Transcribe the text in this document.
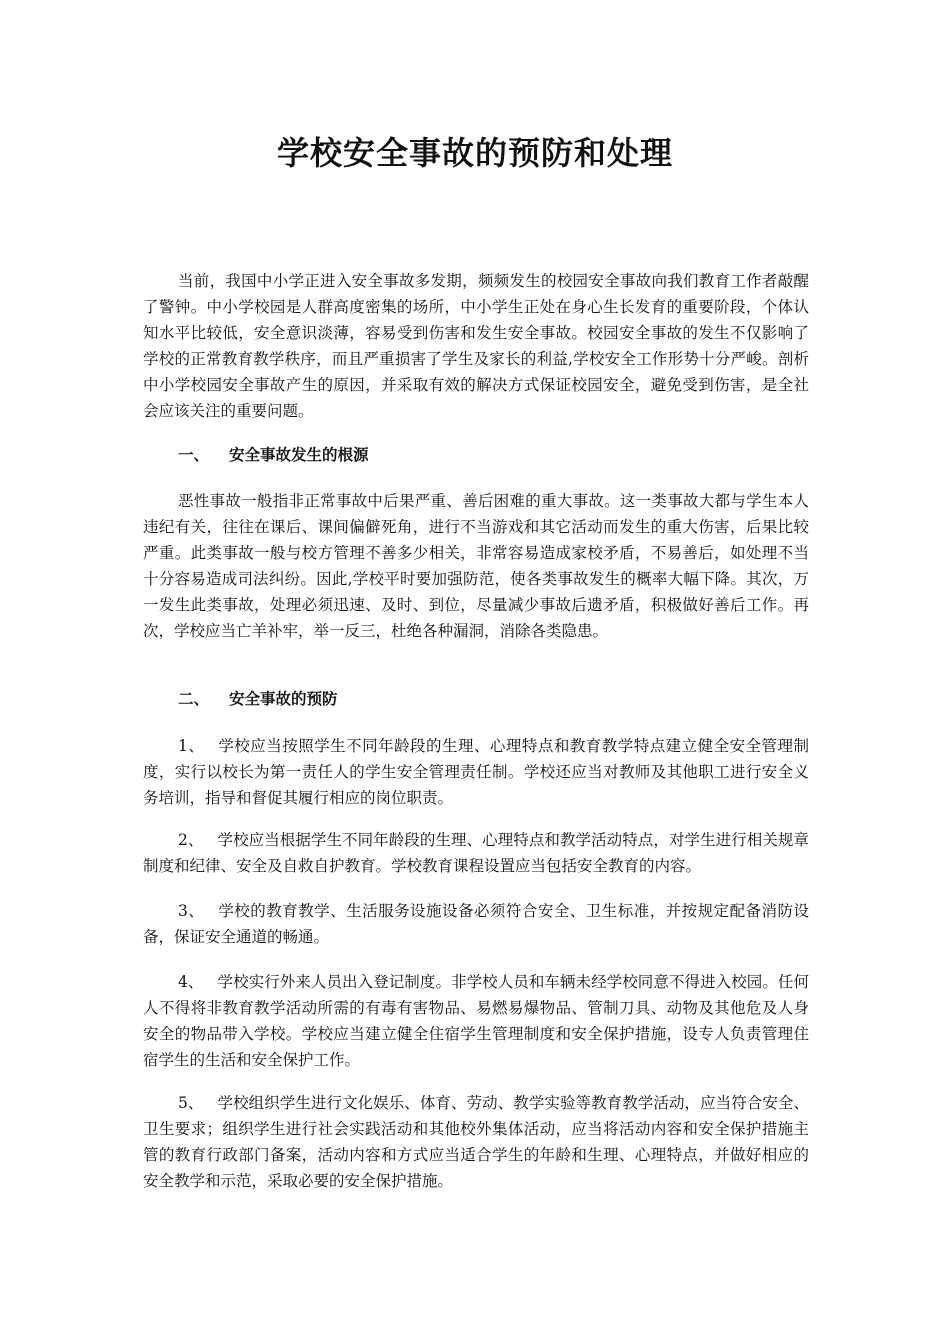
学校安全事故的预防和处理

当前，我国中小学正进入安全事故多发期，频频发生的校园安全事故向我们教育工作者敲醒了警钟。中小学校园是人群高度密集的场所，中小学生正处在身心生长发育的重要阶段，个体认知水平比较低，安全意识淡薄，容易受到伤害和发生安全事故。校园安全事故的发生不仅影响了学校的正常教育教学秩序，而且严重损害了学生及家长的利益,学校安全工作形势十分严峻。剖析中小学校园安全事故产生的原因，并采取有效的解决方式保证校园安全，避免受到伤害，是全社会应该关注的重要问题。

一、 安全事故发生的根源

恶性事故一般指非正常事故中后果严重、善后困难的重大事故。这一类事故大都与学生本人违纪有关，往往在课后、课间偏僻死角，进行不当游戏和其它活动而发生的重大伤害，后果比较严重。此类事故一般与校方管理不善多少相关，非常容易造成家校矛盾，不易善后，如处理不当十分容易造成司法纠纷。因此,学校平时要加强防范，使各类事故发生的概率大幅下降。其次，万一发生此类事故，处理必须迅速、及时、到位，尽量减少事故后遗矛盾，积极做好善后工作。再次，学校应当亡羊补牢，举一反三，杜绝各种漏洞，消除各类隐患。

二、 安全事故的预防

1、 学校应当按照学生不同年龄段的生理、心理特点和教育教学特点建立健全安全管理制度，实行以校长为第一责任人的学生安全管理责任制。学校还应当对教师及其他职工进行安全义务培训，指导和督促其履行相应的岗位职责。

2、 学校应当根据学生不同年龄段的生理、心理特点和教学活动特点，对学生进行相关规章制度和纪律、安全及自救自护教育。学校教育课程设置应当包括安全教育的内容。

3、 学校的教育教学、生活服务设施设备必须符合安全、卫生标准，并按规定配备消防设备，保证安全通道的畅通。

4、 学校实行外来人员出入登记制度。非学校人员和车辆未经学校同意不得进入校园。任何人不得将非教育教学活动所需的有毒有害物品、易燃易爆物品、管制刀具、动物及其他危及人身安全的物品带入学校。学校应当建立健全住宿学生管理制度和安全保护措施，设专人负责管理住宿学生的生活和安全保护工作。

5、 学校组织学生进行文化娱乐、体育、劳动、教学实验等教育教学活动，应当符合安全、卫生要求；组织学生进行社会实践活动和其他校外集体活动，应当将活动内容和安全保护措施主管的教育行政部门备案，活动内容和方式应当适合学生的年龄和生理、心理特点，并做好相应的安全教学和示范，采取必要的安全保护措施。
